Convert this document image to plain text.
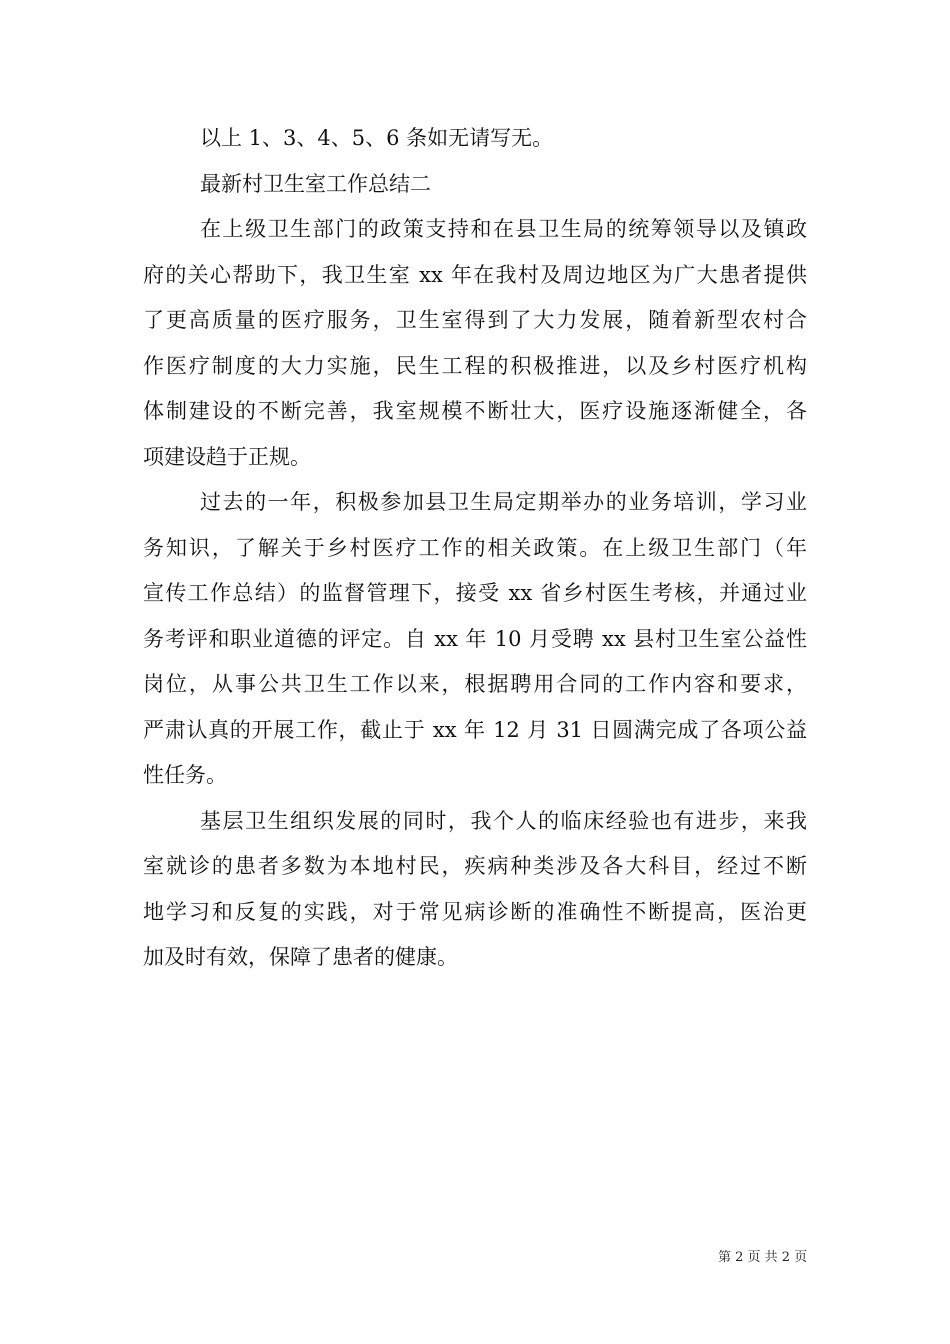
以上 1、3、4、5、6 条如无请写无。

最新村卫生室工作总结二

在上级卫生部门的政策支持和在县卫生局的统筹领导以及镇政

府的关心帮助下，我卫生室 xx 年在我村及周边地区为广大患者提供

了更高质量的医疗服务，卫生室得到了大力发展，随着新型农村合

作医疗制度的大力实施，民生工程的积极推进，以及乡村医疗机构

体制建设的不断完善，我室规模不断壮大，医疗设施逐渐健全，各

项建设趋于正规。

过去的一年，积极参加县卫生局定期举办的业务培训，学习业

务知识，了解关于乡村医疗工作的相关政策。在上级卫生部门（年

宣传工作总结）的监督管理下，接受 xx 省乡村医生考核，并通过业

务考评和职业道德的评定。自 xx 年 10 月受聘 xx 县村卫生室公益性

岗位，从事公共卫生工作以来，根据聘用合同的工作内容和要求，

严肃认真的开展工作，截止于 xx 年 12 月 31 日圆满完成了各项公益

性任务。

基层卫生组织发展的同时，我个人的临床经验也有进步，来我

室就诊的患者多数为本地村民，疾病种类涉及各大科目，经过不断

地学习和反复的实践，对于常见病诊断的准确性不断提高，医治更

加及时有效，保障了患者的健康。

第 2 页 共 2 页
